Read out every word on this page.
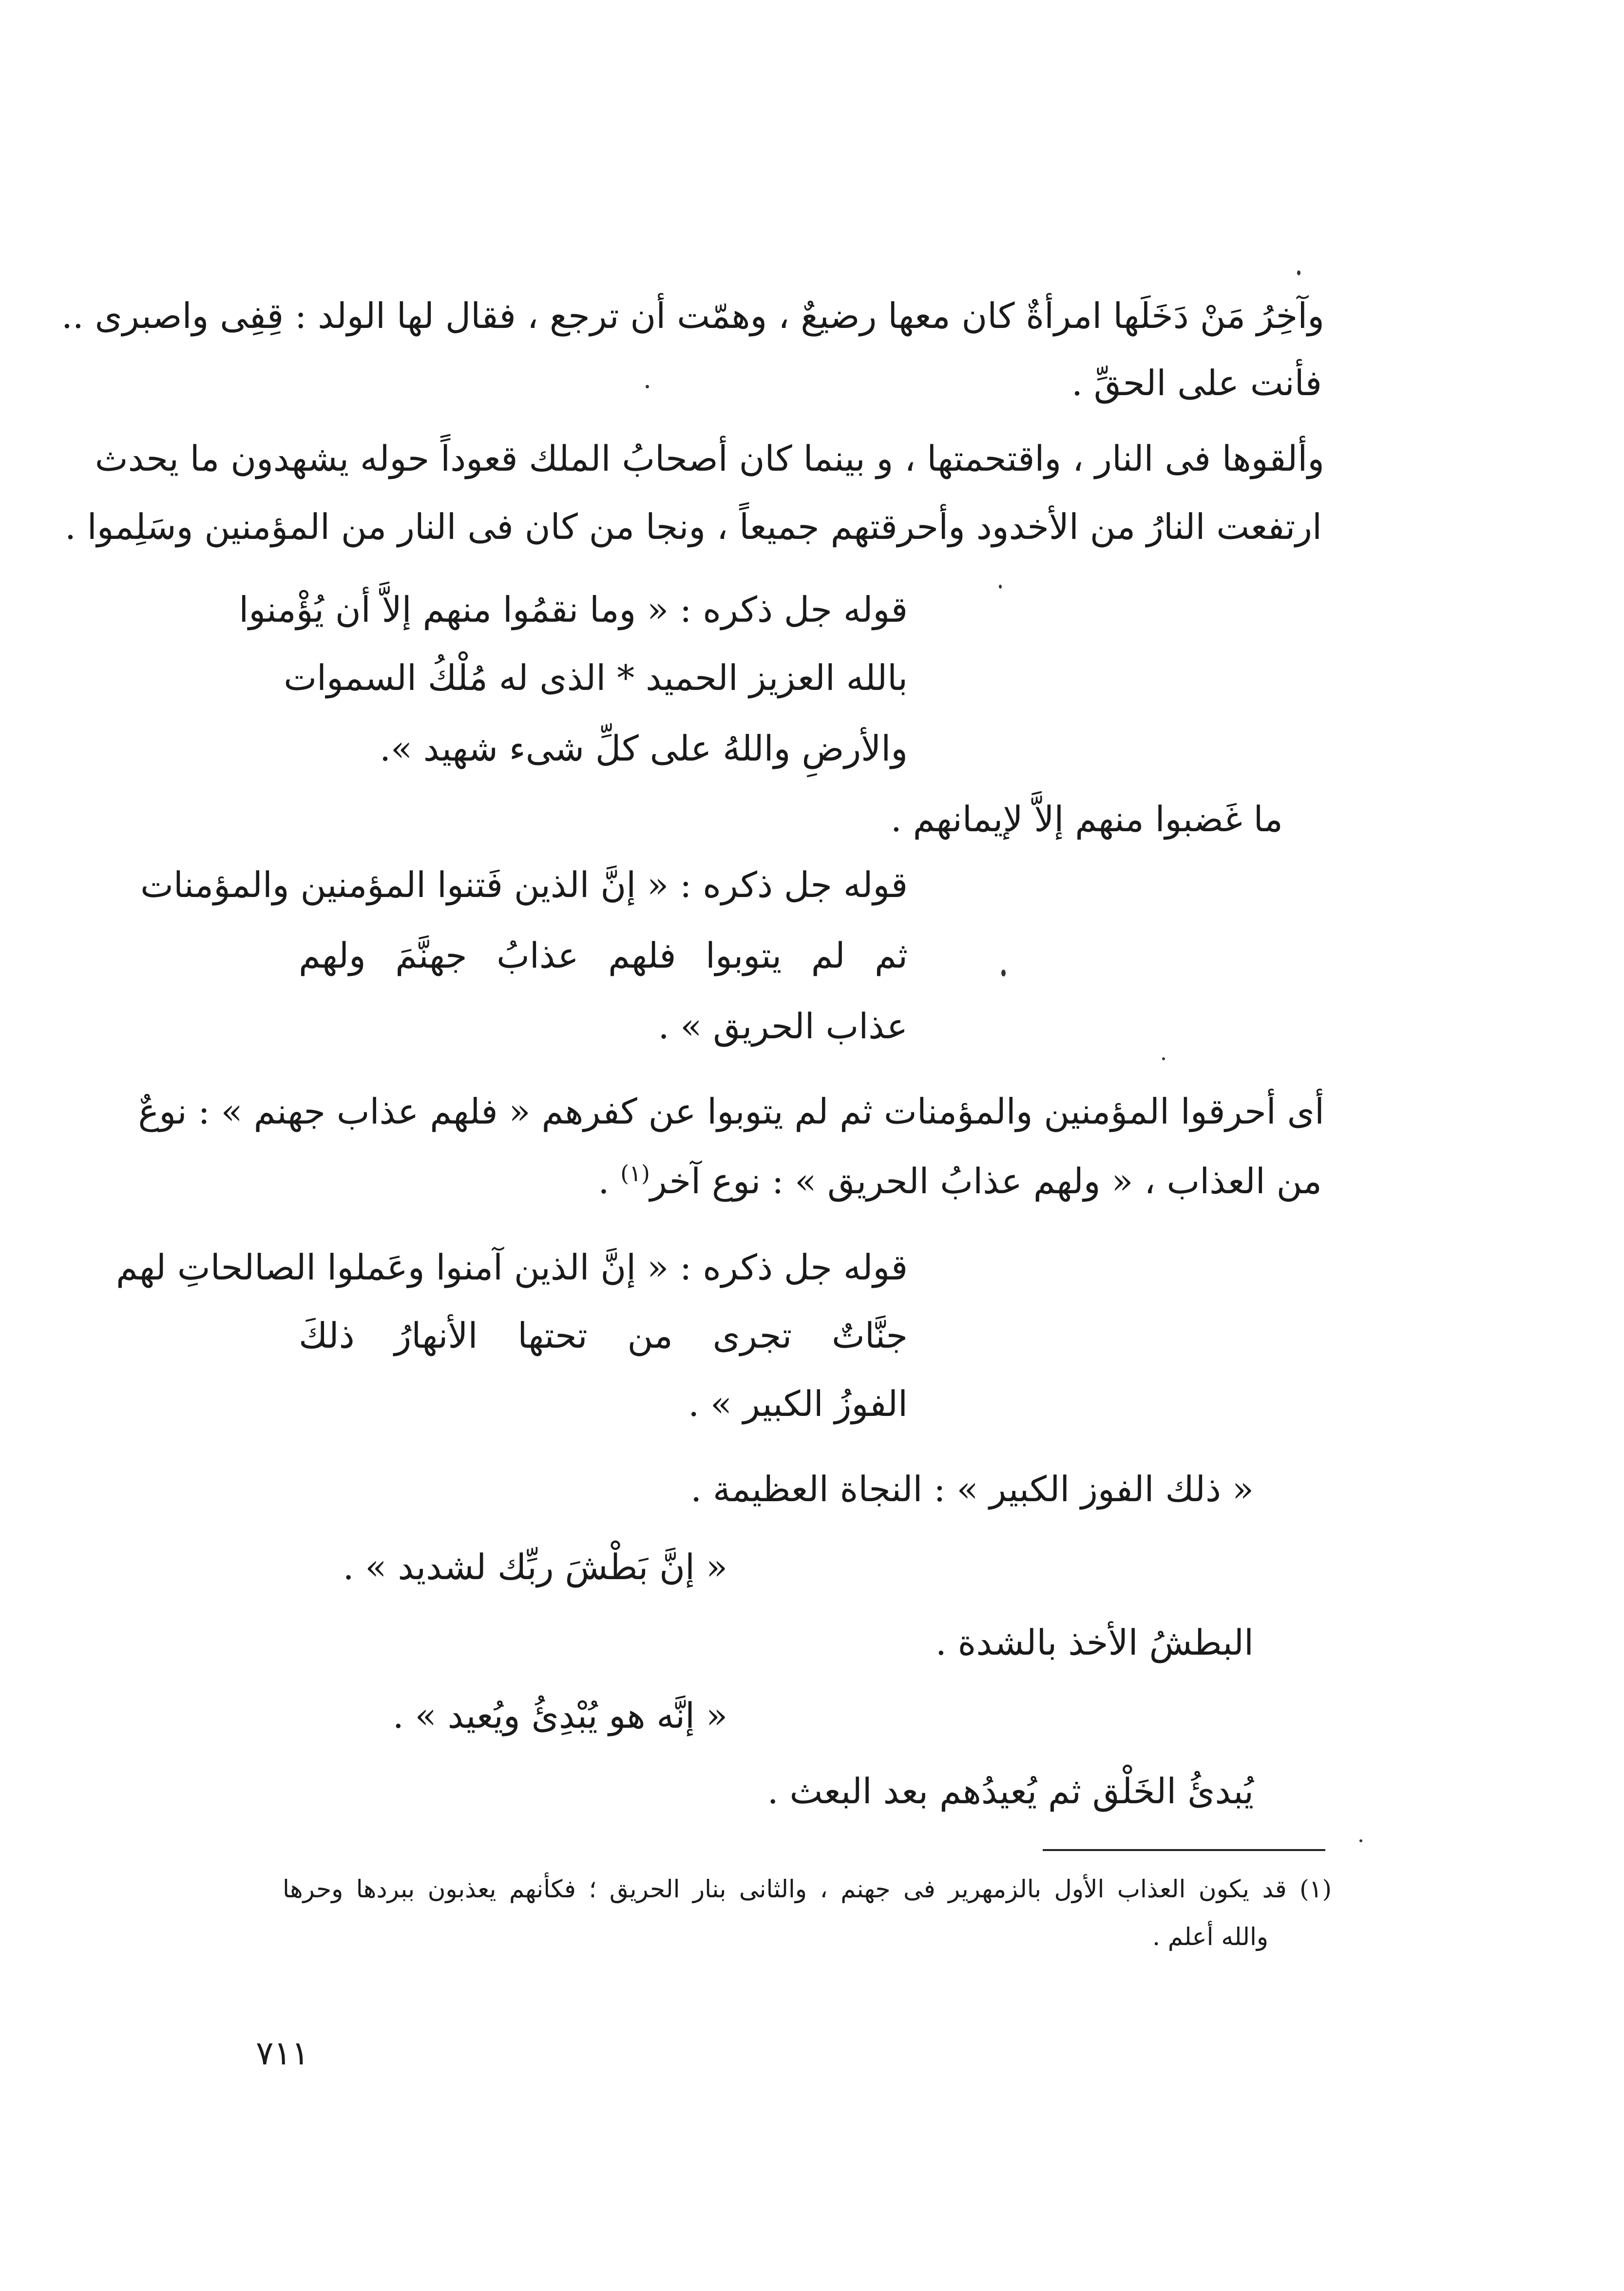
وآخِرُ مَنْ دَخَلَها امرأةٌ كان معها رضيعٌ ، وهمّت أن ترجع ، فقال لها الولد : قِفِى واصبرى ..
فأنت على الحقِّ .
وألقوها فى النار ، واقتحمتها ، و بينما كان أصحابُ الملك قعوداً حوله يشهدون ما يحدث
ارتفعت النارُ من الأخدود وأحرقتهم جميعاً ، ونجا من كان فى النار من المؤمنين وسَلِموا .
قوله جل ذكره : « وما نقمُوا منهم إلاَّ أن يُؤْمنوا
بالله العزيز الحميد * الذى له مُلْكُ السموات
والأرضِ واللهُ على كلِّ شىء شهيد ».
ما غَضبوا منهم إلاَّ لإيمانهم .
قوله جل ذكره : « إنَّ الذين فَتنوا المؤمنين والمؤمنات
ثم لم يتوبوا فلهم عذابُ جهنَّمَ ولهم
عذاب الحريق » .
أى أحرقوا المؤمنين والمؤمنات ثم لم يتوبوا عن كفرهم « فلهم عذاب جهنم » : نوعٌ
من العذاب ، « ولهم عذابُ الحريق » : نوع آخر$^{(١)}$ .
قوله جل ذكره : « إنَّ الذين آمنوا وعَملوا الصالحاتِ لهم
جنَّاتٌ تجرى من تحتها الأنهارُ ذلكَ
الفوزُ الكبير » .
« ذلك الفوز الكبير » : النجاة العظيمة .
« إنَّ بَطْشَ ربِّك لشديد » .
البطشُ الأخذ بالشدة .
« إنَّه هو يُبْدِئُ ويُعيد » .
يُبدئُ الخَلْق ثم يُعيدُهم بعد البعث .
(١) قد يكون العذاب الأول بالزمهرير فى جهنم ، والثانى بنار الحريق ؛ فكأنهم يعذبون ببردها وحرها
والله أعلم .
٧١١
